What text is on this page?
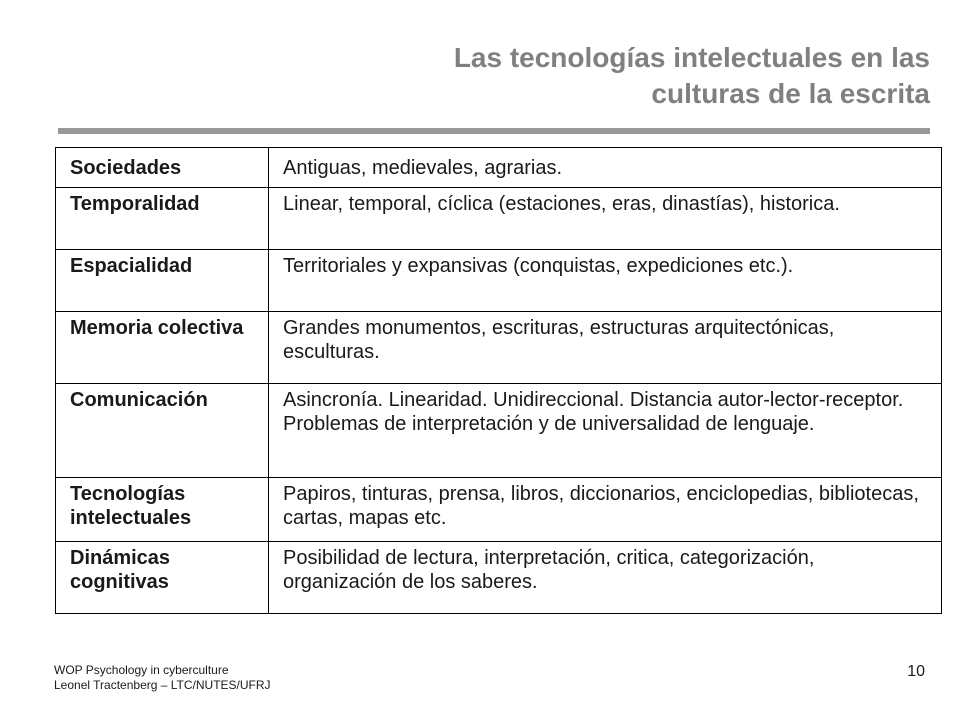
Las tecnologías intelectuales en las
culturas de la escrita
Sociedades	Antiguas, medievales, agrarias.
Temporalidad	Linear, temporal, cíclica (estaciones, eras, dinastías), historica.
Espacialidad	Territoriales y expansivas (conquistas, expediciones etc.).
Memoria colectiva	Grandes monumentos, escrituras, estructuras arquitectónicas, esculturas.
Comunicación	Asincronía. Linearidad. Unidireccional. Distancia autor-lector-receptor. Problemas de interpretación y de universalidad de lenguaje.
Tecnologías intelectuales	Papiros, tinturas, prensa, libros, diccionarios, enciclopedias, bibliotecas, cartas, mapas etc.
Dinámicas cognitivas	Posibilidad de lectura, interpretación, critica, categorización, organización de los saberes.
WOP Psychology in cyberculture
Leonel Tractenberg – LTC/NUTES/UFRJ
10
